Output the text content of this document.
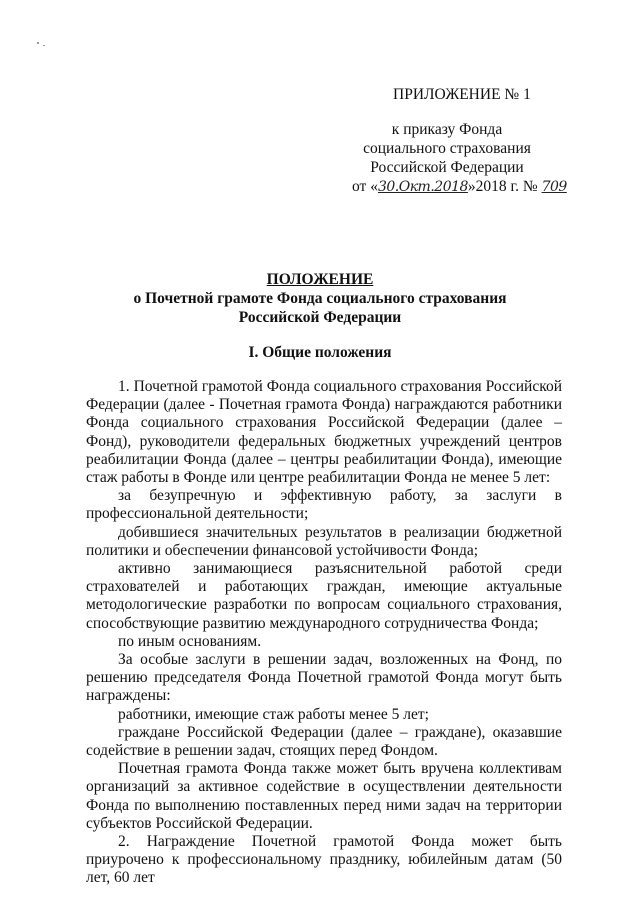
ПРИЛОЖЕНИЕ № 1
к приказу Фонда
социального страхования
Российской Федерации
от «30.Окт.2018»2018 г. № 709
ПОЛОЖЕНИЕ
о Почетной грамоте Фонда социального страхования
Российской Федерации
I. Общие положения

1. Почетной грамотой Фонда социального страхования Российской Федерации (далее - Почетная грамота Фонда) награждаются работники Фонда социального страхования Российской Федерации (далее – Фонд), руководители федеральных бюджетных учреждений центров реабилитации Фонда (далее – центры реабилитации Фонда), имеющие стаж работы в Фонде или центре реабилитации Фонда не менее 5 лет:

за безупречную и эффективную работу, за заслуги в профессиональной деятельности;

добившиеся значительных результатов в реализации бюджетной политики и обеспечении финансовой устойчивости Фонда;

активно занимающиеся разъяснительной работой среди страхователей и работающих граждан, имеющие актуальные методологические разработки по вопросам социального страхования, способствующие развитию международного сотрудничества Фонда;

по иным основаниям.

За особые заслуги в решении задач, возложенных на Фонд, по решению председателя Фонда Почетной грамотой Фонда могут быть награждены:

работники, имеющие стаж работы менее 5 лет;

граждане Российской Федерации (далее – граждане), оказавшие содействие в решении задач, стоящих перед Фондом.

Почетная грамота Фонда также может быть вручена коллективам организаций за активное содействие в осуществлении деятельности Фонда по выполнению поставленных перед ними задач на территории субъектов Российской Федерации.

2. Награждение Почетной грамотой Фонда может быть приурочено к профессиональному празднику, юбилейным датам (50 лет, 60 лет
